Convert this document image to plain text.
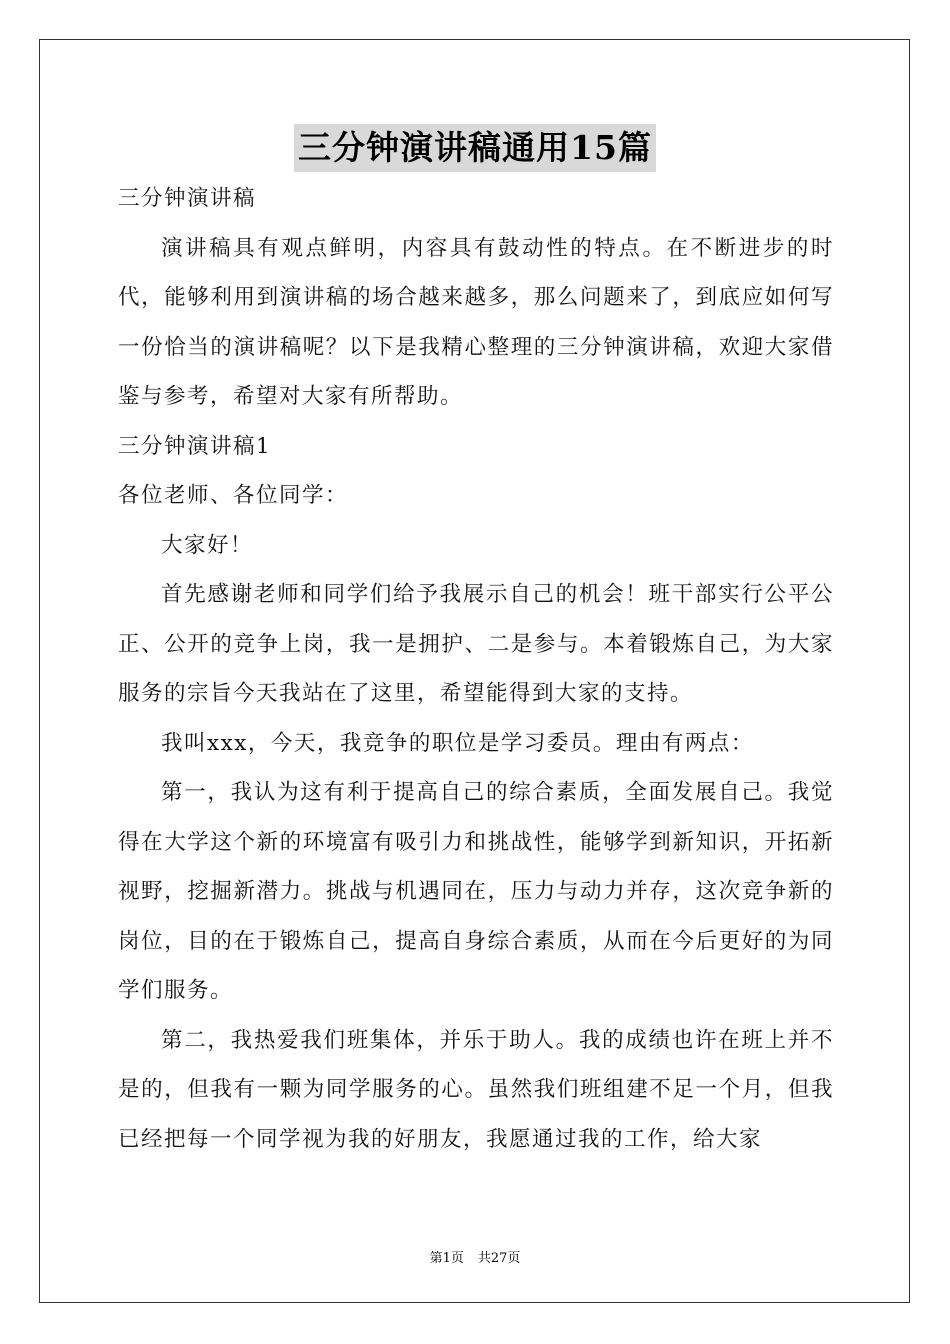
三分钟演讲稿通用15篇

三分钟演讲稿

演讲稿具有观点鲜明，内容具有鼓动性的特点。在不断进步的时代，能够利用到演讲稿的场合越来越多，那么问题来了，到底应如何写一份恰当的演讲稿呢？以下是我精心整理的三分钟演讲稿，欢迎大家借鉴与参考，希望对大家有所帮助。

三分钟演讲稿1

各位老师、各位同学：

大家好！

首先感谢老师和同学们给予我展示自己的机会！班干部实行公平公正、公开的竞争上岗，我一是拥护、二是参与。本着锻炼自己，为大家服务的宗旨今天我站在了这里，希望能得到大家的支持。

我叫xxx，今天，我竞争的职位是学习委员。理由有两点：

第一，我认为这有利于提高自己的综合素质，全面发展自己。我觉得在大学这个新的环境富有吸引力和挑战性，能够学到新知识，开拓新视野，挖掘新潜力。挑战与机遇同在，压力与动力并存，这次竞争新的岗位，目的在于锻炼自己，提高自身综合素质，从而在今后更好的为同学们服务。

第二，我热爱我们班集体，并乐于助人。我的成绩也许在班上并不是的，但我有一颗为同学服务的心。虽然我们班组建不足一个月，但我已经把每一个同学视为我的好朋友，我愿通过我的工作，给大家

第1页 共27页
